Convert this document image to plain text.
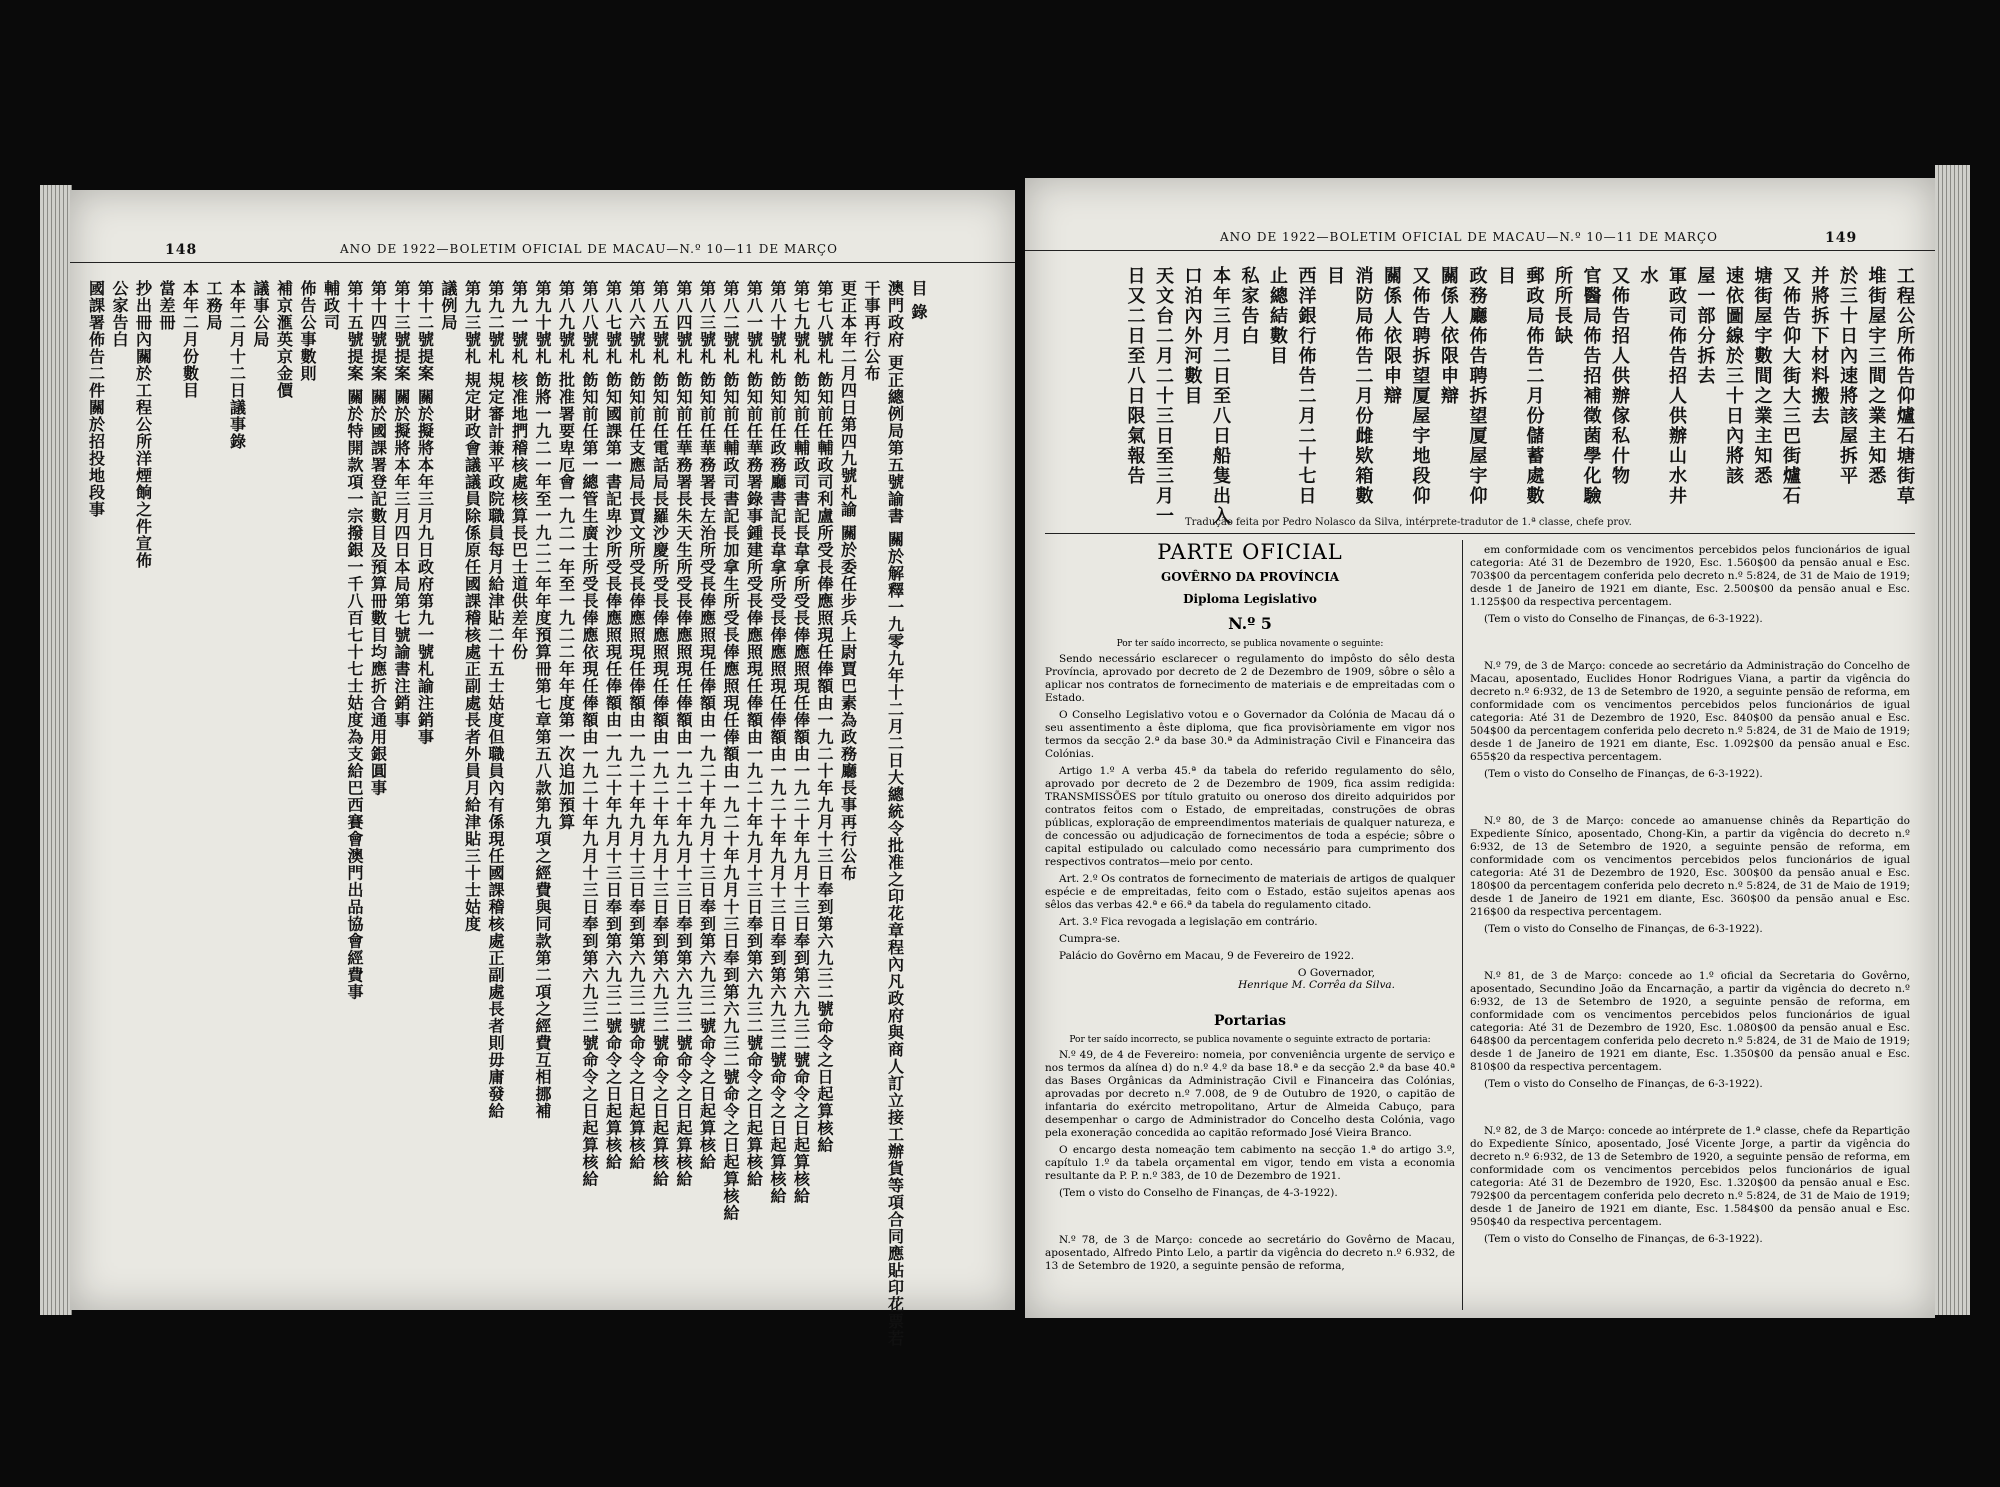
148	ANO DE 1922—BOLETIM OFICIAL DE MACAU—N.º 10—11 DE MARÇO
目 錄
澳門政府 更正總例局第五號諭書 關於解釋一九零九年十二月二日大總統令批准之印花章程內凡政府與商人訂立接工辦貨等項合同應貼印花票若
干事再行公布
更正本年二月四日第四九號札諭 關於委任步兵上尉賈巴素為政務廳長事再行公布
第七八號札 飭知前任輔政司利盧所受長俸應照現任俸額由一九二十年九月十三日奉到第六九三二號命令之日起算核給
第七九號札 飭知前任輔政司書記長韋拿所受長俸應照現任俸額由一九二十年九月十三日奉到第六九三二號命令之日起算核給
第八十號札 飭知前任政務廳書記長韋拿所受長俸應照現任俸額由一九二十年九月十三日奉到第六九三二號命令之日起算核給
第八一號札 飭知前任華務署錄事鍾建所受長俸應照現任俸額由一九二十年九月十三日奉到第六九三二號命令之日起算核給
第八二號札 飭知前任輔政司書記長加拿生所受長俸應照現任俸額由一九二十年九月十三日奉到第六九三二號命令之日起算核給
第八三號札 飭知前任華務署長左治所受長俸應照現任俸額由一九二十年九月十三日奉到第六九三二號命令之日起算核給
第八四號札 飭知前任華務署長朱天生所受長俸應照現任俸額由一九二十年九月十三日奉到第六九三二號命令之日起算核給
第八五號札 飭知前任電話局長羅沙慶所受長俸應照現任俸額由一九二十年九月十三日奉到第六九三二號命令之日起算核給
第八六號札 飭知前任支應局長賈文所受長俸應照現任俸額由一九二十年九月十三日奉到第六九三二號命令之日起算核給
第八七號札 飭知國課第一書記卑沙所受長俸應照現任俸額由一九二十年九月十三日奉到第六九三二號命令之日起算核給
第八八號札 飭知前任第一總管生廣士所受長俸應依現任俸額由一九二十年九月十三日奉到第六九三二號命令之日起算核給
第八九號札 批准署要卑厄會一九二一年至一九二二年年度第一次追加預算
第九十號札 飭將一九二一年至一九二二年年度預算冊第七章第五八款第九項之經費與同款第二項之經費互相挪補
第九一號札 核准地捫稽核處核算長巴士道供差年份
第九二號札 規定審計兼平政院職員每月給津貼二十五士姑度但職員內有係現任國課稽核處正副處長者則毋庸發給
第九三號札 規定財政會議議員除係原任國課稽核處正副處長者外員月給津貼三十士姑度
議例局
第十二號提案 關於擬將本年三月九日政府第九一號札諭注銷事
第十三號提案 關於擬將本年三月四日本局第七號諭書注銷事
第十四號提案 關於國課署登記數目及預算冊數目均應折合通用銀圓事
第十五號提案 關於特開款項一宗撥銀一千八百七十七士姑度為支給巴西賽會澳門出品協會經費事
輔政司
佈告公事數則
補京滙英京金價
議事公局
本年二月十二日議事錄
工務局
本年二月份數目
當差冊
抄出冊內關於工程公所洋煙餉之件宣佈
公家告白
國課署佈告二件關於招投地段事
ANO DE 1922—BOLETIM OFICIAL DE MACAU—N.º 10—11 DE MARÇO	149
工程公所佈告仰爐石塘街草
堆街屋宇三間之業主知悉
於三十日內速將該屋拆平
并將拆下材料搬去
又佈告仰大街大三巴街爐石
塘街屋宇數間之業主知悉
速依圖線於三十日內將該
屋一部分拆去
軍政司佈告招人供辦山水井
水
又佈告招人供辦傢私什物
官醫局佈告招補徵菌學化驗
所所長缺
郵政局佈告二月份儲蓄處數
目
政務廳佈告聘拆望厦屋宇仰
關係人依限申辯
又佈告聘拆望厦屋宇地段仰
關係人依限申辯
消防局佈告二月份雌欵箱數
目
西洋銀行佈告二月二十七日
止總結數目
私家告白
本年三月二日至八日船隻出入
口泊內外河數目
天文台二月二十三日至三月一
日又二日至八日限氣報告
Tradução feita por Pedro Nolasco da Silva, intérprete-tradutor de 1.ª classe, chefe prov.
PARTE OFICIAL
GOVÊRNO DA PROVÍNCIA
Diploma Legislativo
N.º 5
Por ter saído incorrecto, se publica novamente o seguinte:

Sendo necessário esclarecer o regulamento do impôsto do sêlo desta Província, aprovado por decreto de 2 de Dezembro de 1909, sôbre o sêlo a aplicar nos contratos de fornecimento de materiais e de empreitadas com o Estado.

O Conselho Legislativo votou e o Governador da Colónia de Macau dá o seu assentimento a êste diploma, que fica provisòriamente em vigor nos termos da secção 2.ª da base 30.ª da Administração Civil e Financeira das Colónias.

Artigo 1.º A verba 45.ª da tabela do referido regulamento do sêlo, aprovado por decreto de 2 de Dezembro de 1909, fica assim redigida: TRANSMISSÕES por título gratuito ou oneroso dos direito adquiridos por contratos feitos com o Estado, de empreitadas, construções de obras públicas, exploração de empreendimentos materiais de qualquer natureza, e de concessão ou adjudicação de fornecimentos de toda a espécie; sôbre o capital estipulado ou calculado como necessário para cumprimento dos respectivos contratos—meio por cento.

Art. 2.º Os contratos de fornecimento de materiais de artigos de qualquer espécie e de empreitadas, feito com o Estado, estão sujeitos apenas aos sêlos das verbas 42.ª e 66.ª da tabela do regulamento citado.

Art. 3.º Fica revogada a legislação em contrário.

Cumpra-se.

Palácio do Govêrno em Macau, 9 de Fevereiro de 1922.

O Governador,
Henrique M. Corrêa da Silva.
Portarias
Por ter saído incorrecto, se publica novamente o seguinte extracto de portaria:

N.º 49, de 4 de Fevereiro: nomeia, por conveniência urgente de serviço e nos termos da alínea d) do n.º 4.º da base 18.ª e da secção 2.ª da base 40.ª das Bases Orgânicas da Administração Civil e Financeira das Colónias, aprovadas por decreto n.º 7.008, de 9 de Outubro de 1920, o capitão de infantaria do exército metropolitano, Artur de Almeida Cabuço, para desempenhar o cargo de Administrador do Concelho desta Colónia, vago pela exoneração concedida ao capitão reformado José Vieira Branco.

O encargo desta nomeação tem cabimento na secção 1.ª do artigo 3.º, capítulo 1.º da tabela orçamental em vigor, tendo em vista a economia resultante da P. P. n.º 383, de 10 de Dezembro de 1921.

(Tem o visto do Conselho de Finanças, de 4-3-1922).

N.º 78, de 3 de Março: concede ao secretário do Govêrno de Macau, aposentado, Alfredo Pinto Lelo, a partir da vigência do decreto n.º 6.932, de 13 de Setembro de 1920, a seguinte pensão de reforma,

em conformidade com os vencimentos percebidos pelos funcionários de igual categoria: Até 31 de Dezembro de 1920, Esc. 1.560$00 da pensão anual e Esc. 703$00 da percentagem conferida pelo decreto n.º 5:824, de 31 de Maio de 1919; desde 1 de Janeiro de 1921 em diante, Esc. 2.500$00 da pensão anual e Esc. 1.125$00 da respectiva percentagem.

(Tem o visto do Conselho de Finanças, de 6-3-1922).

N.º 79, de 3 de Março: concede ao secretário da Administração do Concelho de Macau, aposentado, Euclides Honor Rodrigues Viana, a partir da vigência do decreto n.º 6:932, de 13 de Setembro de 1920, a seguinte pensão de reforma, em conformidade com os vencimentos percebidos pelos funcionários de igual categoria: Até 31 de Dezembro de 1920, Esc. 840$00 da pensão anual e Esc. 504$00 da percentagem conferida pelo decreto n.º 5:824, de 31 de Maio de 1919; desde 1 de Janeiro de 1921 em diante, Esc. 1.092$00 da pensão anual e Esc. 655$20 da respectiva percentagem.

(Tem o visto do Conselho de Finanças, de 6-3-1922).

N.º 80, de 3 de Março: concede ao amanuense chinês da Repartição do Expediente Sínico, aposentado, Chong-Kin, a partir da vigência do decreto n.º 6:932, de 13 de Setembro de 1920, a seguinte pensão de reforma, em conformidade com os vencimentos percebidos pelos funcionários de igual categoria: Até 31 de Dezembro de 1920, Esc. 300$00 da pensão anual e Esc. 180$00 da percentagem conferida pelo decreto n.º 5:824, de 31 de Maio de 1919; desde 1 de Janeiro de 1921 em diante, Esc. 360$00 da pensão anual e Esc. 216$00 da respectiva percentagem.

(Tem o visto do Conselho de Finanças, de 6-3-1922).

N.º 81, de 3 de Março: concede ao 1.º oficial da Secretaria do Govêrno, aposentado, Secundino João da Encarnação, a partir da vigência do decreto n.º 6:932, de 13 de Setembro de 1920, a seguinte pensão de reforma, em conformidade com os vencimentos percebidos pelos funcionários de igual categoria: Até 31 de Dezembro de 1920, Esc. 1.080$00 da pensão anual e Esc. 648$00 da percentagem conferida pelo decreto n.º 5:824, de 31 de Maio de 1919; desde 1 de Janeiro de 1921 em diante, Esc. 1.350$00 da pensão anual e Esc. 810$00 da respectiva percentagem.

(Tem o visto do Conselho de Finanças, de 6-3-1922).

N.º 82, de 3 de Março: concede ao intérprete de 1.ª classe, chefe da Repartição do Expediente Sínico, aposentado, José Vicente Jorge, a partir da vigência do decreto n.º 6:932, de 13 de Setembro de 1920, a seguinte pensão de reforma, em conformidade com os vencimentos percebidos pelos funcionários de igual categoria: Até 31 de Dezembro de 1920, Esc. 1.320$00 da pensão anual e Esc. 792$00 da percentagem conferida pelo decreto n.º 5:824, de 31 de Maio de 1919; desde 1 de Janeiro de 1921 em diante, Esc. 1.584$00 da pensão anual e Esc. 950$40 da respectiva percentagem.

(Tem o visto do Conselho de Finanças, de 6-3-1922).
